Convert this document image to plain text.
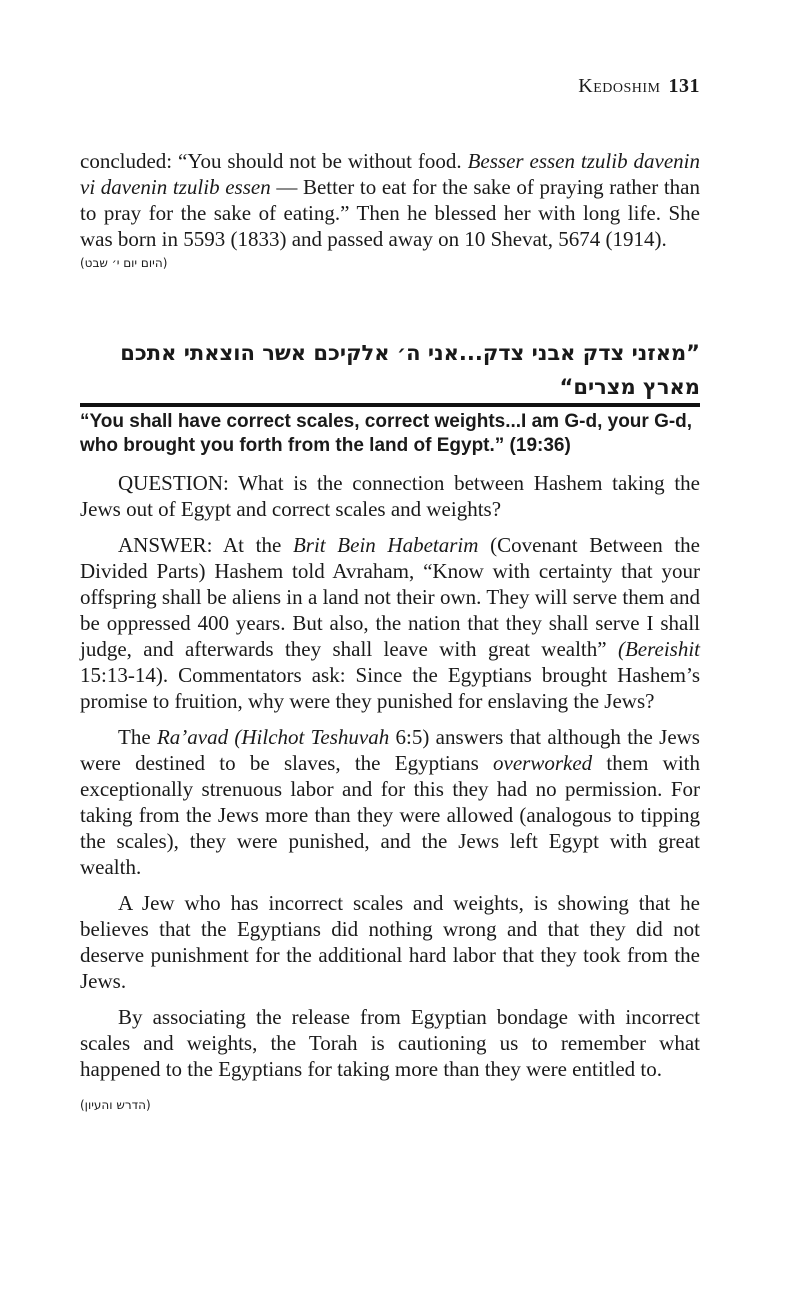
Kedoshim 131

concluded: “You should not be without food. Besser essen tzulib davenin vi davenin tzulib essen — Better to eat for the sake of praying rather than to pray for the sake of eating.” Then he blessed her with long life. She was born in 5593 (1833) and passed away on 10 Shevat, 5674 (1914).

(היום יום י׳ שבט)
”מאזני צדק אבני צדק...אני ה׳ אלקיכם אשר הוצאתי אתכם מארץ מצרים“
“You shall have correct scales, correct weights...I am G-d, your G-d, who brought you forth from the land of Egypt.” (19:36)

QUESTION: What is the connection between Hashem taking the Jews out of Egypt and correct scales and weights?

ANSWER: At the Brit Bein Habetarim (Covenant Between the Divided Parts) Hashem told Avraham, “Know with certainty that your offspring shall be aliens in a land not their own. They will serve them and be oppressed 400 years. But also, the nation that they shall serve I shall judge, and afterwards they shall leave with great wealth” (Bereishit 15:13-14). Commentators ask: Since the Egyptians brought Hashem’s promise to fruition, why were they punished for enslaving the Jews?

The Ra’avad (Hilchot Teshuvah 6:5) answers that although the Jews were destined to be slaves, the Egyptians overworked them with exceptionally strenuous labor and for this they had no permission. For taking from the Jews more than they were allowed (analogous to tipping the scales), they were punished, and the Jews left Egypt with great wealth.

A Jew who has incorrect scales and weights, is showing that he believes that the Egyptians did nothing wrong and that they did not deserve punishment for the additional hard labor that they took from the Jews.

By associating the release from Egyptian bondage with incorrect scales and weights, the Torah is cautioning us to remember what happened to the Egyptians for taking more than they were entitled to.

(הדרש והעיון)
